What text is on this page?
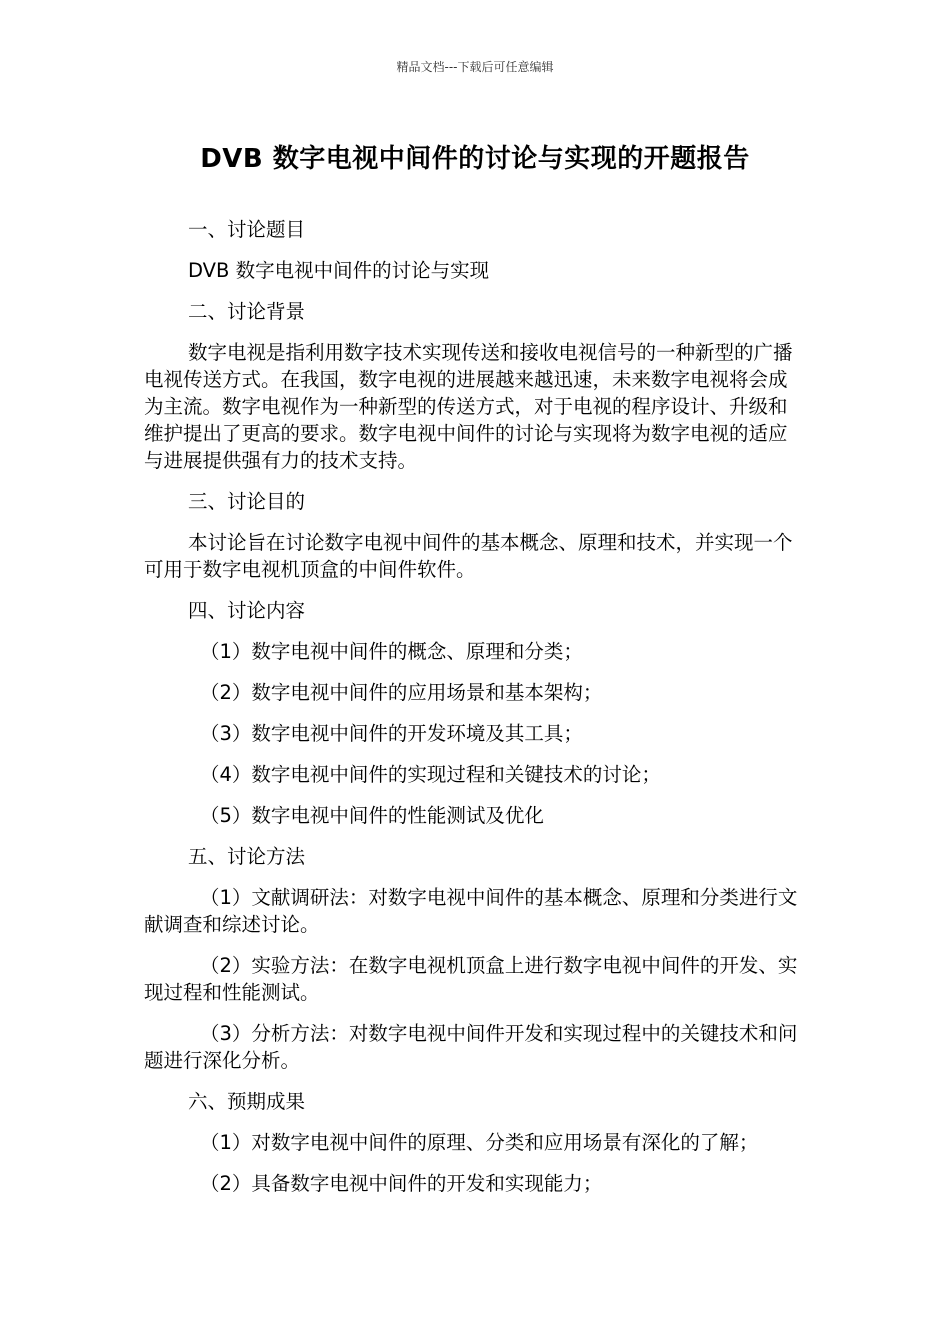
精品文档---下载后可任意编辑
DVB 数字电视中间件的讨论与实现的开题报告

一、讨论题目

DVB 数字电视中间件的讨论与实现

二、讨论背景

数字电视是指利用数字技术实现传送和接收电视信号的一种新型的广播电视传送方式。在我国，数字电视的进展越来越迅速，未来数字电视将会成为主流。数字电视作为一种新型的传送方式，对于电视的程序设计、升级和维护提出了更高的要求。数字电视中间件的讨论与实现将为数字电视的适应与进展提供强有力的技术支持。

三、讨论目的

本讨论旨在讨论数字电视中间件的基本概念、原理和技术，并实现一个可用于数字电视机顶盒的中间件软件。

四、讨论内容

（1）数字电视中间件的概念、原理和分类；

（2）数字电视中间件的应用场景和基本架构；

（3）数字电视中间件的开发环境及其工具；

（4）数字电视中间件的实现过程和关键技术的讨论；

（5）数字电视中间件的性能测试及优化

五、讨论方法

（1）文献调研法：对数字电视中间件的基本概念、原理和分类进行文献调查和综述讨论。

（2）实验方法：在数字电视机顶盒上进行数字电视中间件的开发、实现过程和性能测试。

（3）分析方法：对数字电视中间件开发和实现过程中的关键技术和问题进行深化分析。

六、预期成果

（1）对数字电视中间件的原理、分类和应用场景有深化的了解；

（2）具备数字电视中间件的开发和实现能力；
